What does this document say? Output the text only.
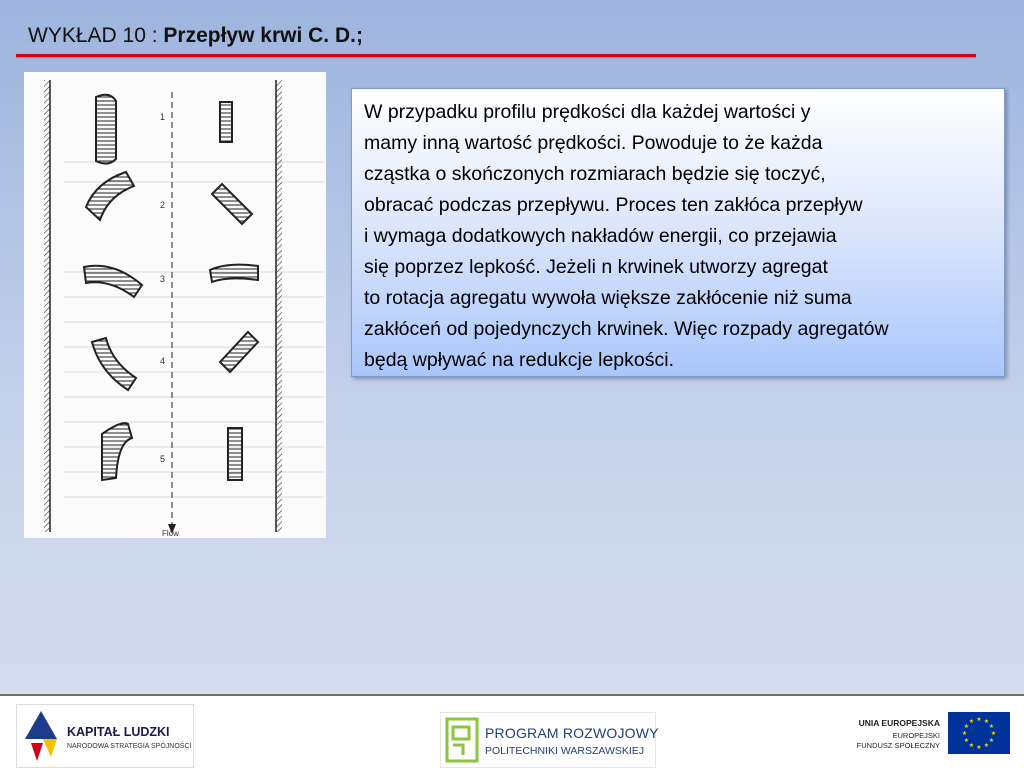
WYKŁAD 10 : Przepływ krwi C. D.;
1
2
3
4
5
Flow
W przypadku profilu prędkości dla każdej wartości y
mamy inną wartość prędkości. Powoduje to że każda
cząstka o skończonych rozmiarach będzie się toczyć,
obracać podczas przepływu. Proces ten zakłóca przepływ
i wymaga dodatkowych nakładów energii, co przejawia
się poprzez lepkość. Jeżeli n krwinek utworzy agregat
to rotacja agregatu wywoła większe zakłócenie niż suma
zakłóceń od pojedynczych krwinek. Więc rozpady agregatów
będą wpływać na redukcje lepkości.
KAPITAŁ LUDZKI
NARODOWA STRATEGIA SPÓJNOŚCI
PROGRAM ROZWOJOWY
POLITECHNIKI WARSZAWSKIEJ
UNIA EUROPEJSKA
EUROPEJSKI
FUNDUSZ SPOŁECZNY
★ ★
★
★
★
★
★
★
★
★
★
★
